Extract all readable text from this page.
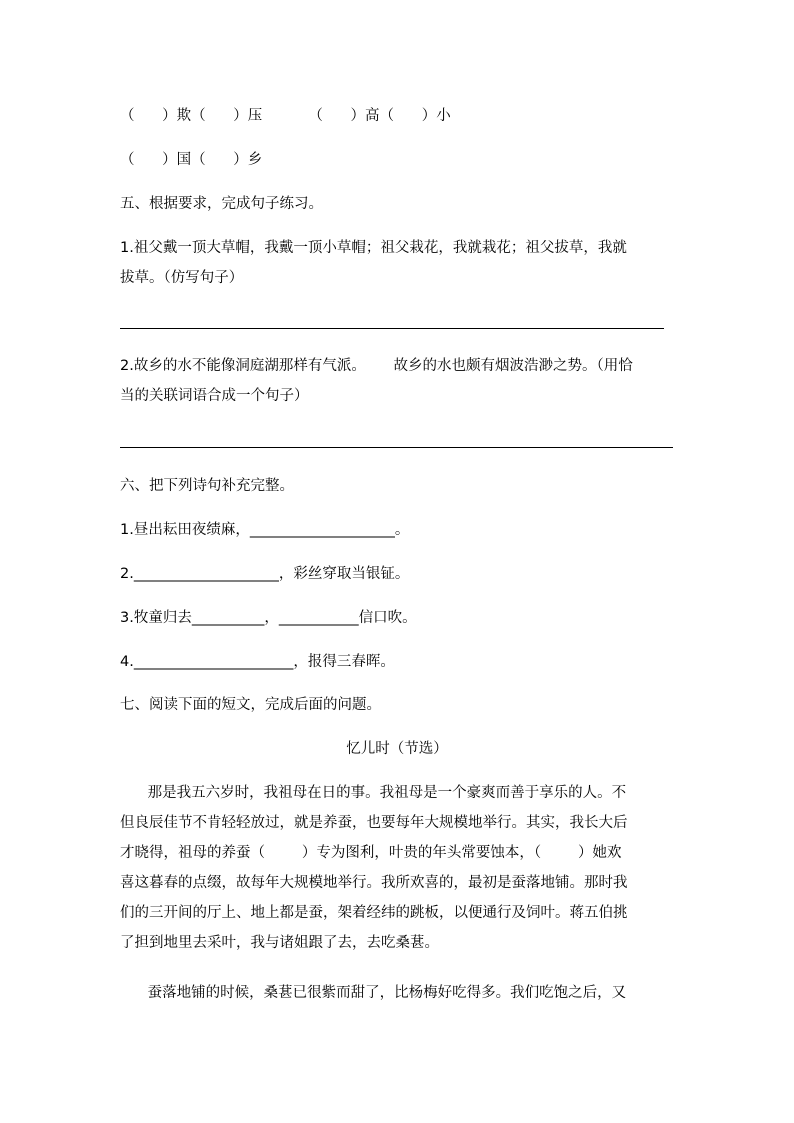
（      ）欺（      ）压          （      ）高（      ）小
（      ）国（      ）乡
五、根据要求，完成句子练习。
1.祖父戴一顶大草帽，我戴一顶小草帽；祖父栽花，我就栽花；祖父拔草，我就
拔草。（仿写句子）
2.故乡的水不能像洞庭湖那样有气派。      故乡的水也颇有烟波浩渺之势。（用恰
当的关联词语合成一个句子）
六、把下列诗句补充完整。
1.昼出耘田夜绩麻，____________________。
2.____________________，彩丝穿取当银钲。
3.牧童归去__________，___________信口吹。
4.______________________，报得三春晖。
七、阅读下面的短文，完成后面的问题。
忆儿时（节选）
那是我五六岁时，我祖母在日的事。我祖母是一个豪爽而善于享乐的人。不
但良辰佳节不肯轻轻放过，就是养蚕，也要每年大规模地举行。其实，我长大后
才晓得，祖母的养蚕（        ）专为图利，叶贵的年头常要蚀本，（        ）她欢
喜这暮春的点缀，故每年大规模地举行。我所欢喜的，最初是蚕落地铺。那时我
们的三开间的厅上、地上都是蚕，架着经纬的跳板，以便通行及饲叶。蒋五伯挑
了担到地里去采叶，我与诸姐跟了去，去吃桑葚。
蚕落地铺的时候，桑葚已很紫而甜了，比杨梅好吃得多。我们吃饱之后，又
